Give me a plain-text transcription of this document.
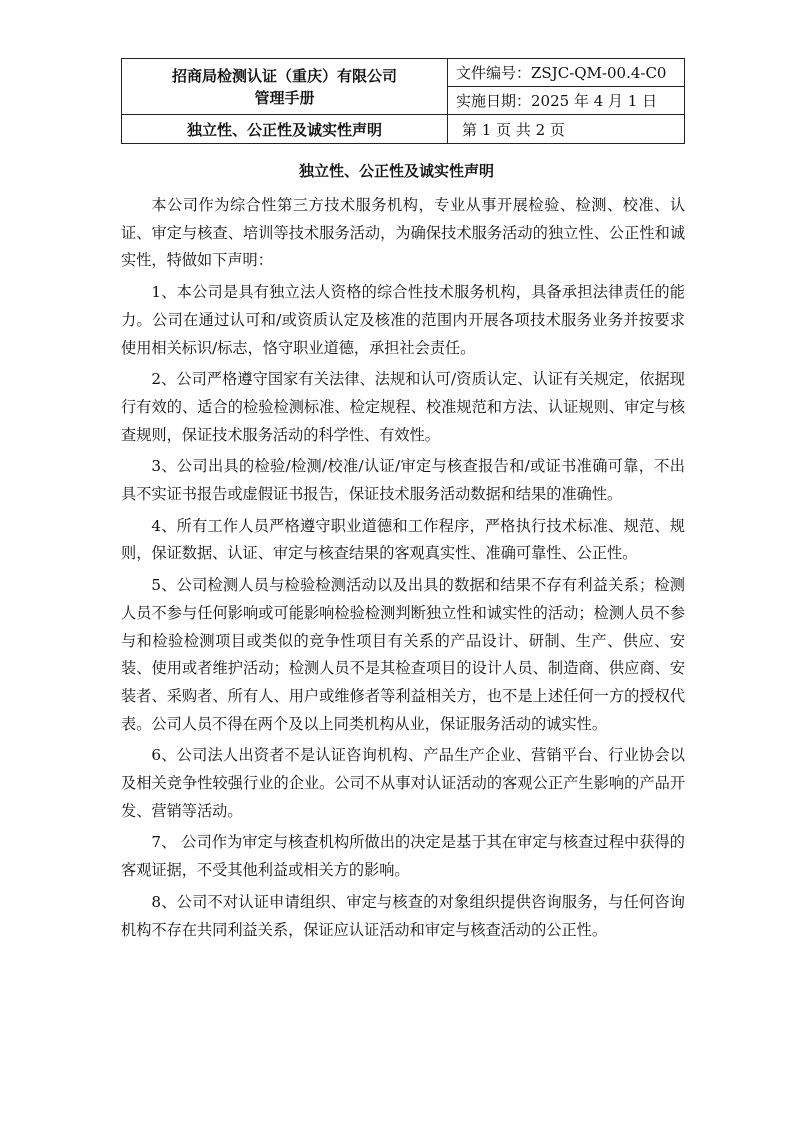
招商局检测认证（重庆）有限公司
管理手册	文件编号：ZSJC-QM-00.4-C0
	实施日期：2025 年 4 月 1 日
独立性、公正性及诚实性声明	第 1 页 共 2 页
独立性、公正性及诚实性声明

本公司作为综合性第三方技术服务机构，专业从事开展检验、检测、校准、认证、审定与核查、培训等技术服务活动，为确保技术服务活动的独立性、公正性和诚实性，特做如下声明：

1、本公司是具有独立法人资格的综合性技术服务机构，具备承担法律责任的能力。公司在通过认可和/或资质认定及核准的范围内开展各项技术服务业务并按要求使用相关标识/标志，恪守职业道德，承担社会责任。

2、公司严格遵守国家有关法律、法规和认可/资质认定、认证有关规定，依据现行有效的、适合的检验检测标准、检定规程、校准规范和方法、认证规则、审定与核查规则，保证技术服务活动的科学性、有效性。

3、公司出具的检验/检测/校准/认证/审定与核查报告和/或证书准确可靠，不出具不实证书报告或虚假证书报告，保证技术服务活动数据和结果的准确性。

4、所有工作人员严格遵守职业道德和工作程序，严格执行技术标准、规范、规则，保证数据、认证、审定与核查结果的客观真实性、准确可靠性、公正性。

5、公司检测人员与检验检测活动以及出具的数据和结果不存有利益关系；检测人员不参与任何影响或可能影响检验检测判断独立性和诚实性的活动；检测人员不参与和检验检测项目或类似的竞争性项目有关系的产品设计、研制、生产、供应、安装、使用或者维护活动；检测人员不是其检查项目的设计人员、制造商、供应商、安装者、采购者、所有人、用户或维修者等利益相关方，也不是上述任何一方的授权代表。公司人员不得在两个及以上同类机构从业，保证服务活动的诚实性。

6、公司法人出资者不是认证咨询机构、产品生产企业、营销平台、行业协会以及相关竞争性较强行业的企业。公司不从事对认证活动的客观公正产生影响的产品开发、营销等活动。

7、 公司作为审定与核查机构所做出的决定是基于其在审定与核查过程中获得的客观证据，不受其他利益或相关方的影响。

8、公司不对认证申请组织、审定与核查的对象组织提供咨询服务，与任何咨询机构不存在共同利益关系，保证应认证活动和审定与核查活动的公正性。
